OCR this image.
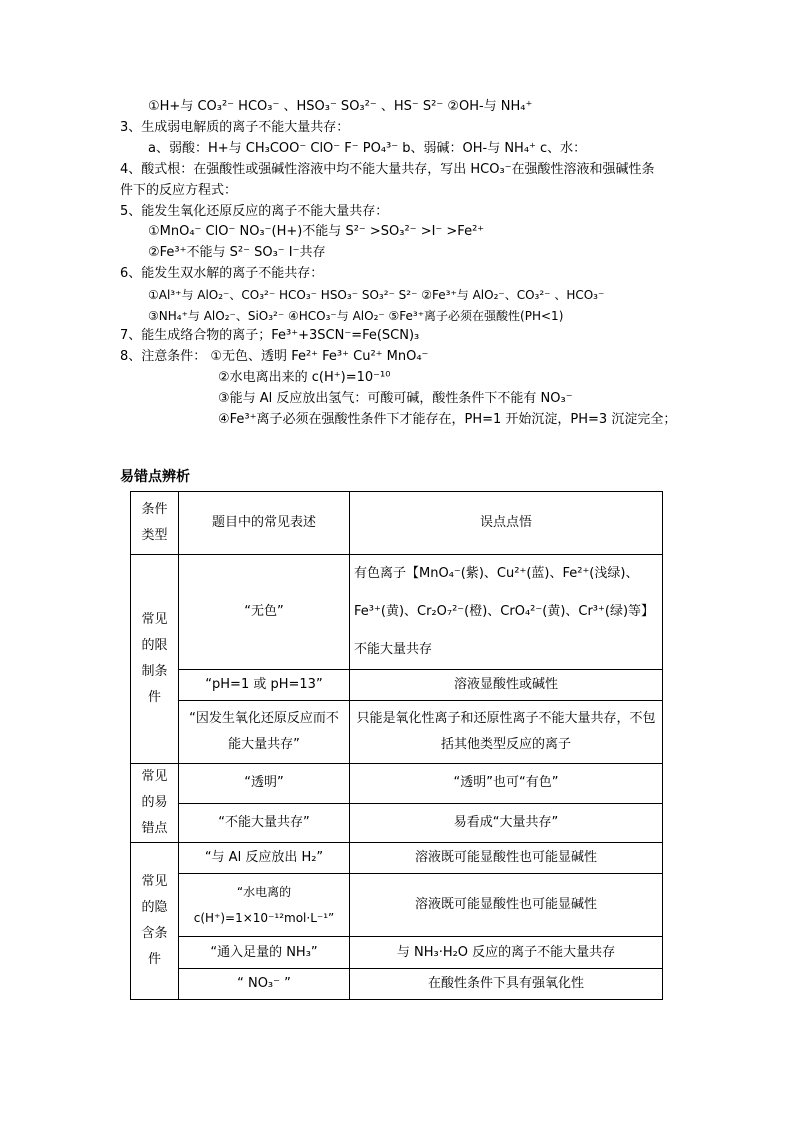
①H+与 CO₃²⁻ HCO₃⁻ 、HSO₃⁻ SO₃²⁻ 、HS⁻ S²⁻ ②OH-与 NH₄⁺
3、生成弱电解质的离子不能大量共存：
a、弱酸：H+与 CH₃COO⁻ ClO⁻ F⁻ PO₄³⁻ b、弱碱：OH-与 NH₄⁺ c、水：
4、酸式根：在强酸性或强碱性溶液中均不能大量共存，写出 HCO₃⁻在强酸性溶液和强碱性条
件下的反应方程式：
5、能发生氧化还原反应的离子不能大量共存：
①MnO₄⁻ ClO⁻ NO₃⁻(H+)不能与 S²⁻ >SO₃²⁻ >I⁻ >Fe²⁺
②Fe³⁺不能与 S²⁻ SO₃⁻ I⁻共存
6、能发生双水解的离子不能共存：
①Al³⁺与 AlO₂⁻、CO₃²⁻ HCO₃⁻ HSO₃⁻ SO₃²⁻ S²⁻ ②Fe³⁺与 AlO₂⁻、CO₃²⁻ 、HCO₃⁻
③NH₄⁺与 AlO₂⁻、SiO₃²⁻ ④HCO₃⁻与 AlO₂⁻ ⑤Fe³⁺离子必须在强酸性(PH<1)
7、能生成络合物的离子；Fe³⁺+3SCN⁻=Fe(SCN)₃
8、注意条件： ①无色、透明 Fe²⁺ Fe³⁺ Cu²⁺ MnO₄⁻
②水电离出来的 c(H⁺)=10⁻¹⁰
③能与 Al 反应放出氢气：可酸可碱，酸性条件下不能有 NO₃⁻
④Fe³⁺离子必须在强酸性条件下才能存在，PH=1 开始沉淀，PH=3 沉淀完全；
易错点辨析
条件类型	题目中的常见表述	误点点悟
常见的限制条件	“无色”	有色离子【MnO₄⁻(紫)、Cu²⁺(蓝)、Fe²⁺(浅绿)、Fe³⁺(黄)、Cr₂O₇²⁻(橙)、CrO₄²⁻(黄)、Cr³⁺(绿)等】不能大量共存
	“pH=1 或 pH=13”	溶液显酸性或碱性
	“因发生氧化还原反应而不能大量共存”	只能是氧化性离子和还原性离子不能大量共存，不包括其他类型反应的离子
常见的易错点	“透明”	“透明”也可“有色”
	“不能大量共存”	易看成“大量共存”
常见的隐含条件	“与 Al 反应放出 H₂”	溶液既可能显酸性也可能显碱性
	“水电离的 c(H⁺)=1×10⁻¹²mol·L⁻¹”	溶液既可能显酸性也可能显碱性
	“通入足量的 NH₃”	与 NH₃·H₂O 反应的离子不能大量共存
	“ NO₃⁻ ”	在酸性条件下具有强氧化性
